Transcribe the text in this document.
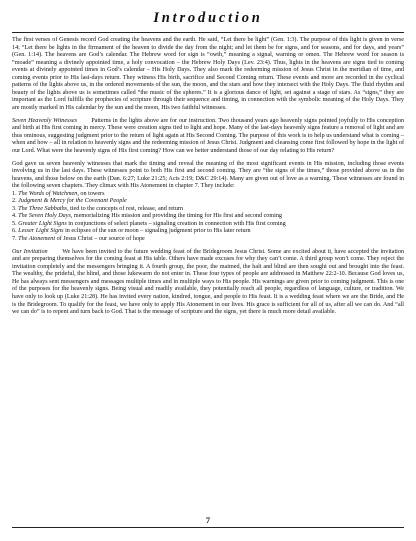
Introduction

The first verses of Genesis record God creating the heavens and the earth. He said, “Let there be light” (Gen. 1:3). The purpose of this light is given in verse 14; “Let there be lights in the firmament of the heaven to divide the day from the night; and let them be for signs, and for seasons, and for days, and years” (Gen. 1:14). The heavens are God’s calendar. The Hebrew word for sign is “owth,” meaning a signal, warning or omen. The Hebrew word for season is “moade” meaning a divinely appointed time, a holy convocation – the Hebrew Holy Days (Lev. 23:4). Thus, lights in the heavens are signs tied to coming events at divinely appointed times in God’s calendar – His Holy Days. They also mark the redeeming mission of Jesus Christ in the meridian of time, and coming events prior to His last-days return. They witness His birth, sacrifice and Second Coming return. These events and more are recorded in the cyclical patterns of the lights above us, in the ordered movements of the sun, the moon, and the stars and how they intersect with the Holy Days. The fluid rhythm and beauty of the lights above us is sometimes called “the music of the spheres.” It is a glorious dance of light, set against a stage of stars. As “signs,” they are important as the Lord fulfills the prophecies of scripture through their sequence and timing, in connection with the symbolic meaning of the Holy Days. They are mostly marked in His calendar by the sun and the moon, His two faithful witnesses.

Seven Heavenly Witnesses Patterns in the lights above are for our instruction. Two thousand years ago heavenly signs pointed joyfully to His conception and birth at His first coming in mercy. These were creation signs tied to light and hope. Many of the last-days heavenly signs feature a removal of light and are thus ominous, suggesting judgment prior to the return of light again at His Second Coming. The purpose of this work is to help us understand what is coming – when and how – all in relation to heavenly signs and the redeeming mission of Jesus Christ. Judgment and cleansing come first followed by hope in the light of our Lord. What were the heavenly signs of His first coming? How can we better understand those of our day relating to His return?

God gave us seven heavenly witnesses that mark the timing and reveal the meaning of the most significant events in His mission, including those events involving us in the last days. These witnesses point to both His first and second coming. They are “the signs of the times,” those provided above us in the heavens, and those below on the earth (Dan. 6:27; Luke 21:25; Acts 2:19; D&C 29:14). Many are given out of love as a warning. These witnesses are found in the following seven chapters. They climax with His Atonement in chapter 7. They include:

1. The Words of Watchmen, on towers
2. Judgment & Mercy for the Covenant People
3. The Three Sabbaths, tied to the concepts of rest, release, and return
4. The Seven Holy Days, memorializing His mission and providing the timing for His first and second coming
5. Greater Light Signs in conjunctions of select planets – signaling creation in connection with His first coming
6. Lesser Light Signs in eclipses of the sun or moon – signaling judgment prior to His later return
7. The Atonement of Jesus Christ – our source of hope

Our Invitation We have been invited to the future wedding feast of the Bridegroom Jesus Christ. Some are excited about it, have accepted the invitation and are preparing themselves for the coming feast at His table. Others have made excuses for why they can’t come. A third group won’t come. They reject the invitation completely and the messengers bringing it. A fourth group, the poor, the maimed, the halt and blind are then sought out and brought into the feast. The wealthy, the prideful, the blind, and those lukewarm do not enter in. These four types of people are addressed in Matthew 22:2-10. Because God loves us, He has always sent messengers and messages multiple times and in multiple ways to His people. His warnings are given prior to coming judgment. This is one of the purposes for the heavenly signs. Being visual and readily available, they potentially reach all people, regardless of language, culture, or tradition. We have only to look up (Luke 21:28). He has invited every nation, kindred, tongue, and people to His feast. It is a wedding feast where we are the Bride, and He is the Bridegroom. To qualify for the feast, we have only to apply His Atonement in our lives. His grace is sufficient for all of us, after all we can do. And “all we can do” is to repent and turn back to God. That is the message of scripture and the signs, yet there is much more detail available.

7
